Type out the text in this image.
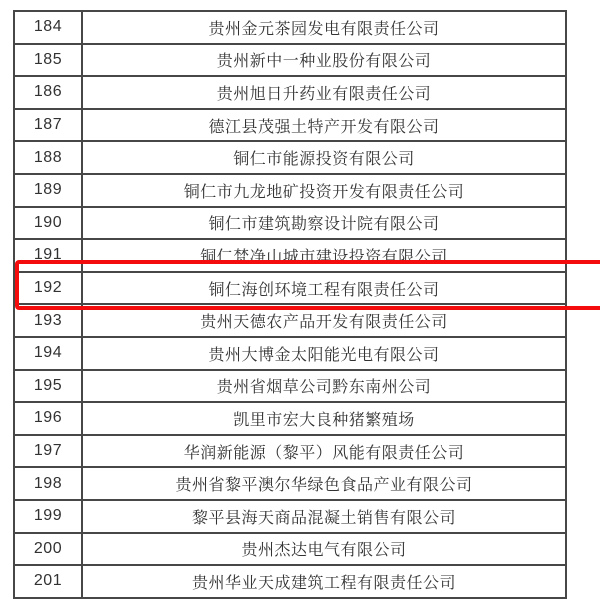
184	贵州金元茶园发电有限责任公司
185	贵州新中一种业股份有限公司
186	贵州旭日升药业有限责任公司
187	德江县茂强土特产开发有限公司
188	铜仁市能源投资有限公司
189	铜仁市九龙地矿投资开发有限责任公司
190	铜仁市建筑勘察设计院有限公司
191	铜仁梵净山城市建设投资有限公司
192	铜仁海创环境工程有限责任公司
193	贵州天德农产品开发有限责任公司
194	贵州大博金太阳能光电有限公司
195	贵州省烟草公司黔东南州公司
196	凯里市宏大良种猪繁殖场
197	华润新能源（黎平）风能有限责任公司
198	贵州省黎平澳尔华绿色食品产业有限公司
199	黎平县海天商品混凝土销售有限公司
200	贵州杰达电气有限公司
201	贵州华业天成建筑工程有限责任公司
